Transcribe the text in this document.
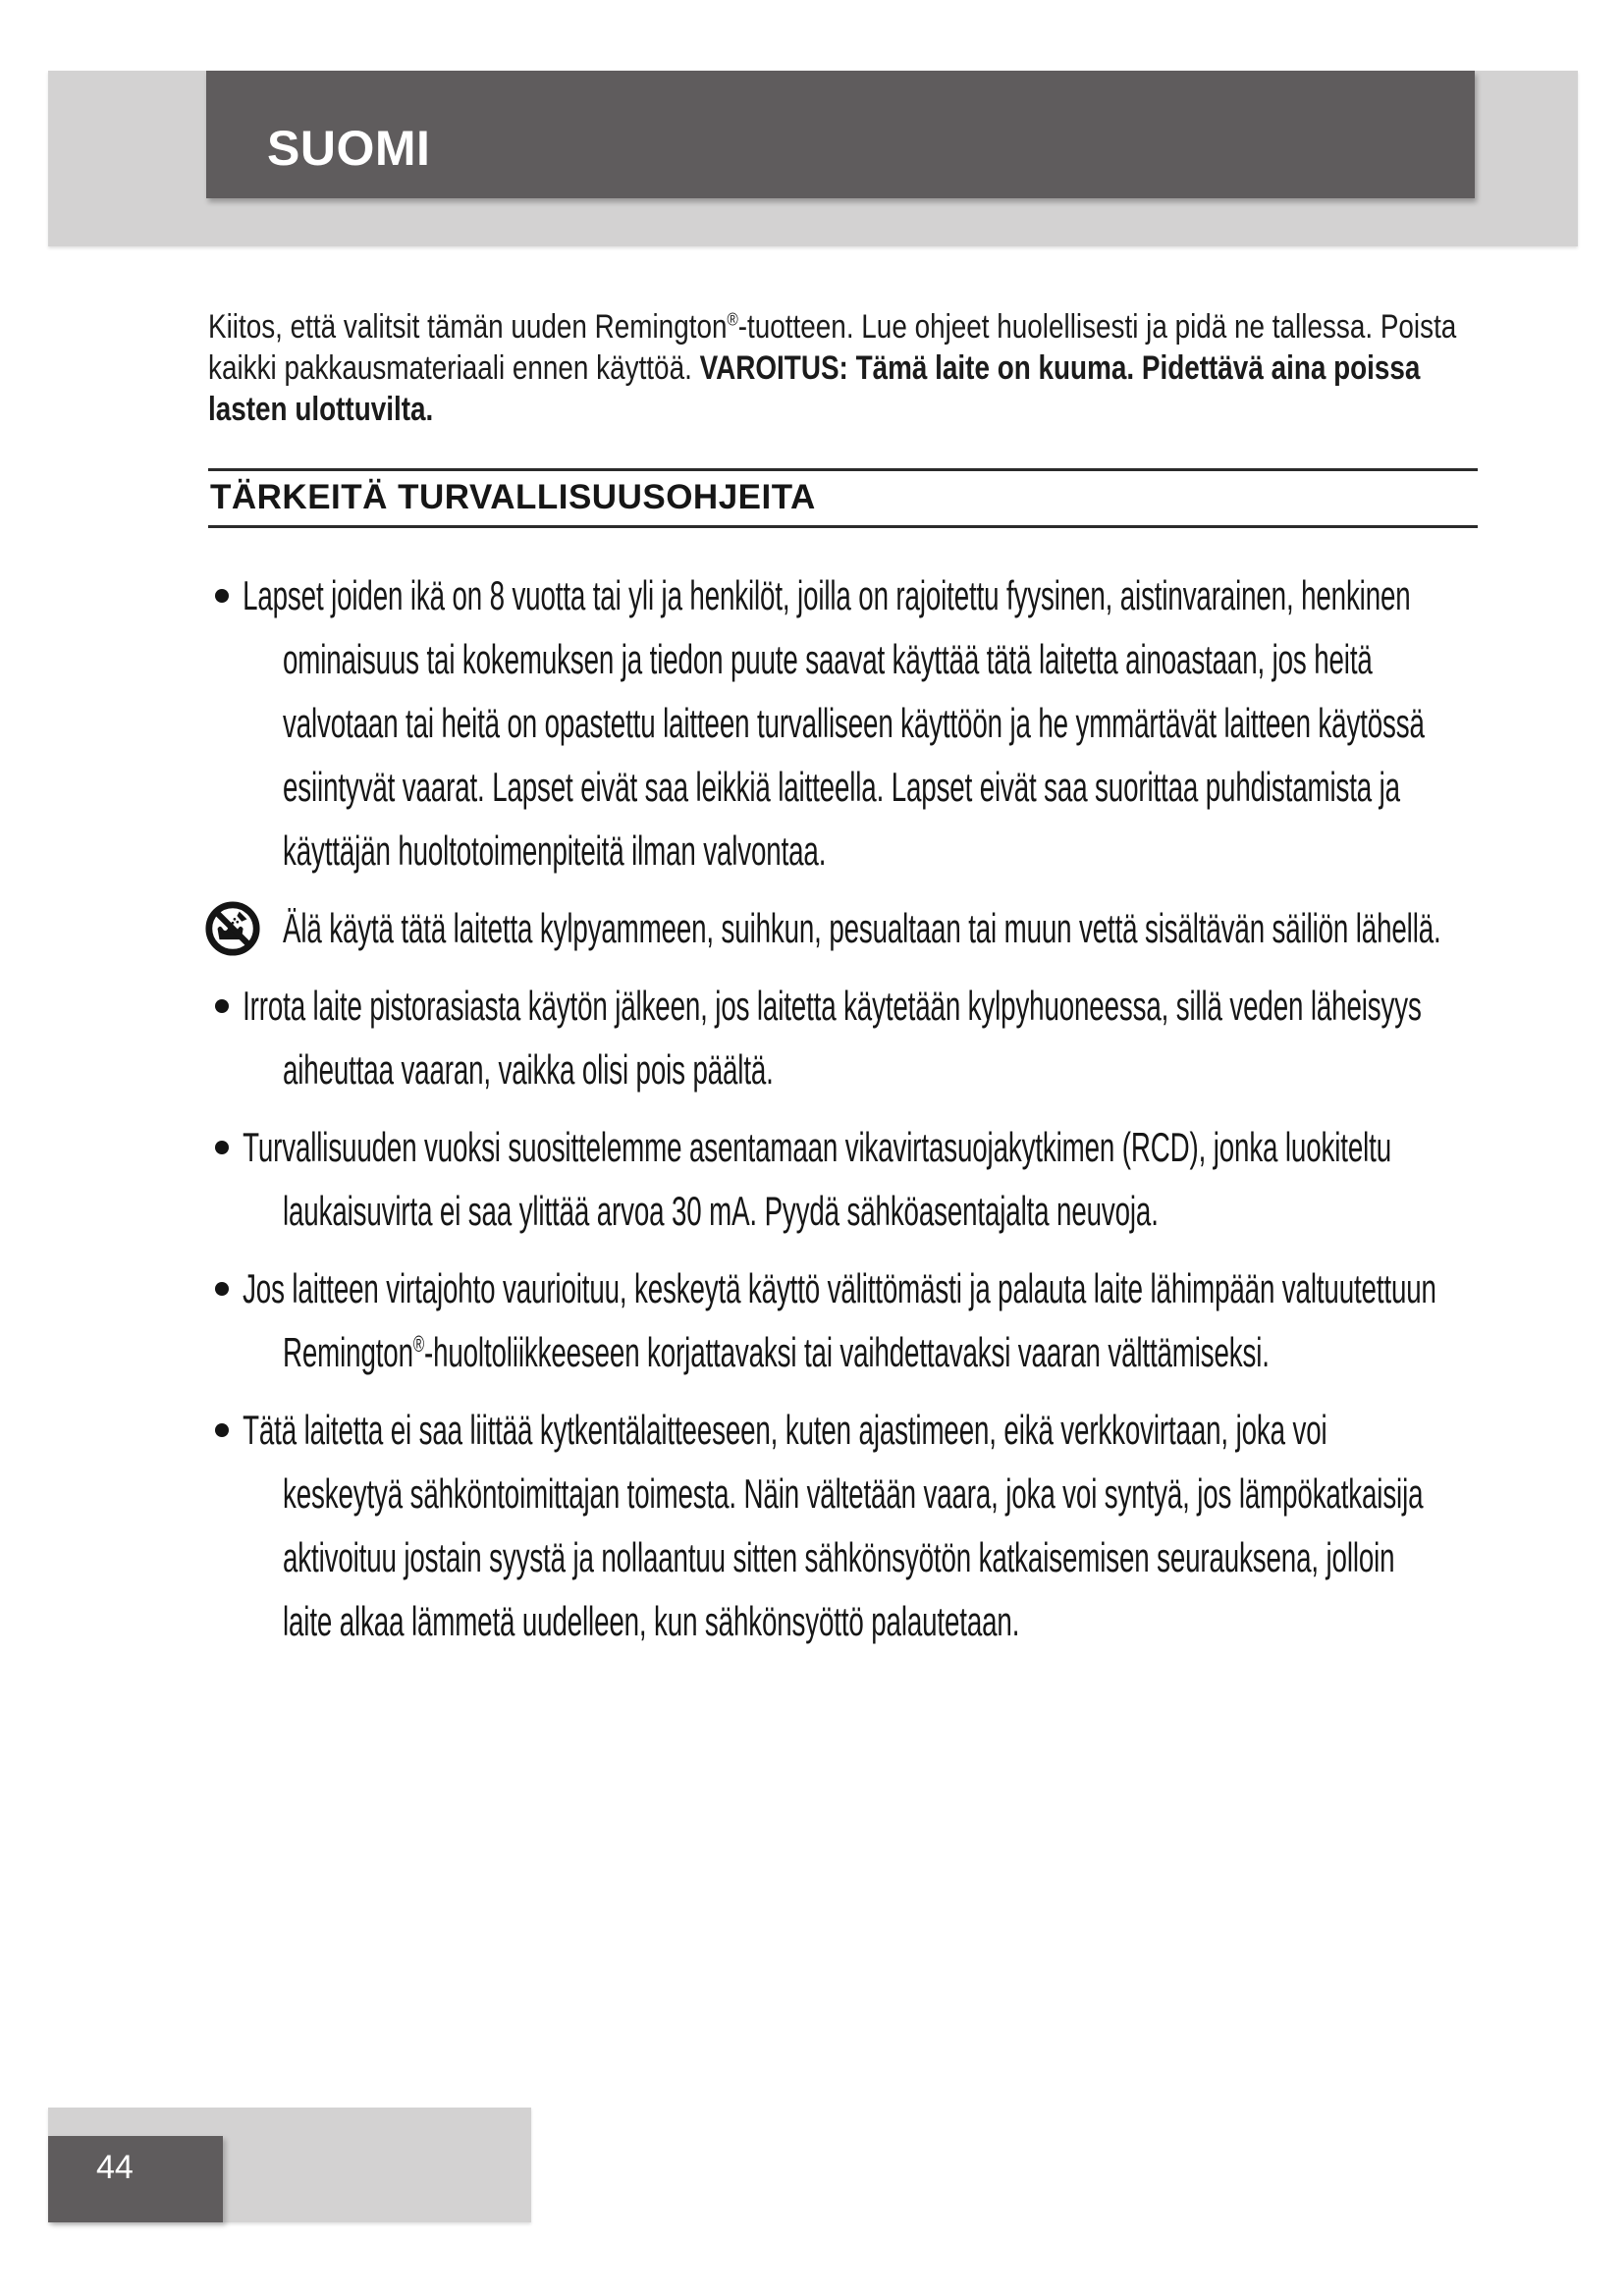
SUOMI

Kiitos, että valitsit tämän uuden Remington®-tuotteen. Lue ohjeet huolellisesti ja pidä ne tallessa. Poista kaikki pakkausmateriaali ennen käyttöä. VAROITUS: Tämä laite on kuuma. Pidettävä aina poissa lasten ulottuvilta.

TÄRKEITÄ TURVALLISUUSOHJEITA
Lapset joiden ikä on 8 vuotta tai yli ja henkilöt, joilla on rajoitettu fyysinen, aistinvarainen, henkinen ominaisuus tai kokemuksen ja tiedon puute saavat käyttää tätä laitetta ainoastaan, jos heitä valvotaan tai heitä on opastettu laitteen turvalliseen käyttöön ja he ymmärtävät laitteen käytössä esiintyvät vaarat. Lapset eivät saa leikkiä laitteella. Lapset eivät saa suorittaa puhdistamista ja käyttäjän huoltotoimenpiteitä ilman valvontaa.
Älä käytä tätä laitetta kylpyammeen, suihkun, pesualtaan tai muun vettä sisältävän säiliön lähellä.
Irrota laite pistorasiasta käytön jälkeen, jos laitetta käytetään kylpyhuoneessa, sillä veden läheisyys aiheuttaa vaaran, vaikka olisi pois päältä.
Turvallisuuden vuoksi suosittelemme asentamaan vikavirtasuojakytkimen (RCD), jonka luokiteltu laukaisuvirta ei saa ylittää arvoa 30 mA. Pyydä sähköasentajalta neuvoja.
Jos laitteen virtajohto vaurioituu, keskeytä käyttö välittömästi ja palauta laite lähimpään valtuutettuun Remington®-huoltoliikkeeseen korjattavaksi tai vaihdettavaksi vaaran välttämiseksi.
Tätä laitetta ei saa liittää kytkentälaitteeseen, kuten ajastimeen, eikä verkkovirtaan, joka voi keskeytyä sähköntoimittajan toimesta. Näin vältetään vaara, joka voi syntyä, jos lämpökatkaisija aktivoituu jostain syystä ja nollaantuu sitten sähkönsyötön katkaisemisen seurauksena, jolloin laite alkaa lämmetä uudelleen, kun sähkönsyöttö palautetaan.
44
